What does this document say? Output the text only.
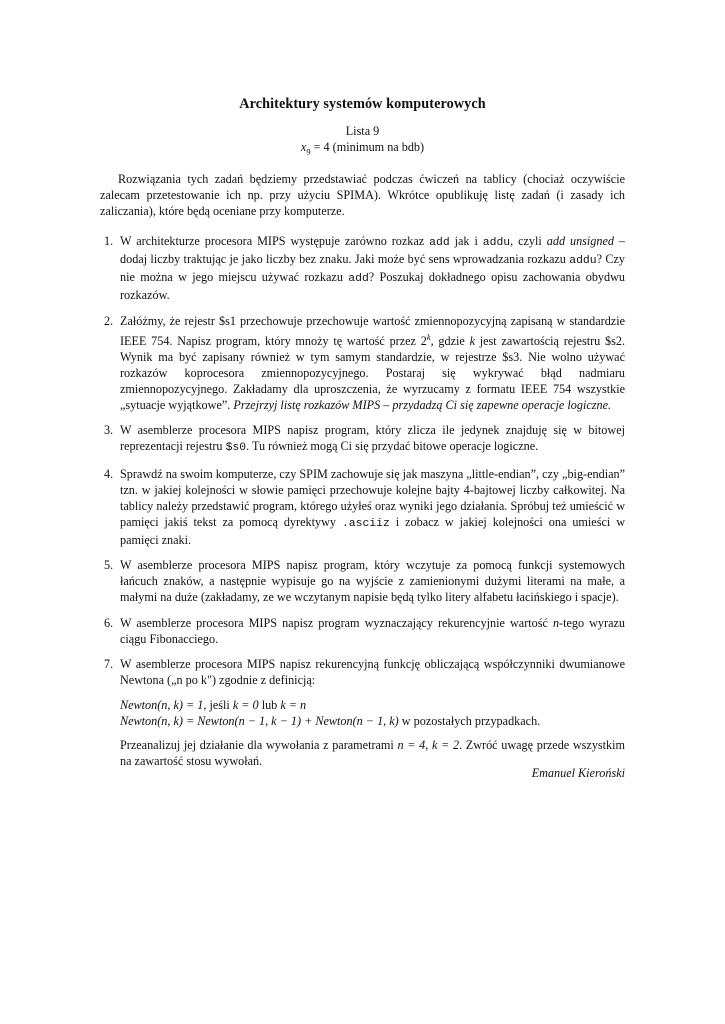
Architektury systemów komputerowych
Lista 9
$x_9 = 4$ (minimum na bdb)

Rozwiązania tych zadań będziemy przedstawiać podczas ćwiczeń na tablicy (chociaż oczywiście zalecam przetestowanie ich np. przy użyciu SPIMA). Wkrótce opublikuję listę zadań (i zasady ich zaliczania), które będą oceniane przy komputerze.

1. W architekturze procesora MIPS występuje zarówno rozkaz add jak i addu, czyli add unsigned – dodaj liczby traktując je jako liczby bez znaku. Jaki może być sens wprowadzania rozkazu addu? Czy nie można w jego miejscu używać rozkazu add? Poszukaj dokładnego opisu zachowania obydwu rozkazów.
2. Załóżmy, że rejestr $s1 przechowuje przechowuje wartość zmiennopozycyjną zapisaną w standardzie IEEE 754. Napisz program, który mnoży tę wartość przez 2$^k$, gdzie k jest zawartością rejestru $s2. Wynik ma być zapisany również w tym samym standardzie, w rejestrze $s3. Nie wolno używać rozkazów koprocesora zmiennopozycyjnego. Postaraj się wykrywać błąd nadmiaru zmiennopozycyjnego. Zakładamy dla uproszczenia, że wyrzucamy z formatu IEEE 754 wszystkie „sytuacje wyjątkowe”. Przejrzyj listę rozkazów MIPS – przydadzą Ci się zapewne operacje logiczne.
3. W asemblerze procesora MIPS napisz program, który zlicza ile jedynek znajduję się w bitowej reprezentacji rejestru $s0. Tu również mogą Ci się przydać bitowe operacje logiczne.
4. Sprawdź na swoim komputerze, czy SPIM zachowuje się jak maszyna „little-endian”, czy „big-endian” tzn. w jakiej kolejności w słowie pamięci przechowuje kolejne bajty 4-bajtowej liczby całkowitej. Na tablicy należy przedstawić program, którego użyłeś oraz wyniki jego działania. Spróbuj też umieścić w pamięci jakiś tekst za pomocą dyrektywy .asciiz i zobacz w jakiej kolejności ona umieści w pamięci znaki.
5. W asemblerze procesora MIPS napisz program, który wczytuje za pomocą funkcji systemowych łańcuch znaków, a następnie wypisuje go na wyjście z zamienionymi dużymi literami na małe, a małymi na duże (zakładamy, ze we wczytanym napisie będą tylko litery alfabetu łacińskiego i spacje).
6. W asemblerze procesora MIPS napisz program wyznaczający rekurencyjnie wartość n-tego wyrazu ciągu Fibonacciego.
7. W asemblerze procesora MIPS napisz rekurencyjną funkcję obliczającą współczynniki dwumianowe Newtona („n po k") zgodnie z definicją:
Newton(n, k) = 1, jeśli k = 0 lub k = n
Newton(n, k) = Newton(n − 1, k − 1) + Newton(n − 1, k) w pozostałych przypadkach.
Przeanalizuj jej działanie dla wywołania z parametrami n = 4, k = 2. Zwróć uwagę przede wszystkim na zawartość stosu wywołań.
Emanuel Kieroński
